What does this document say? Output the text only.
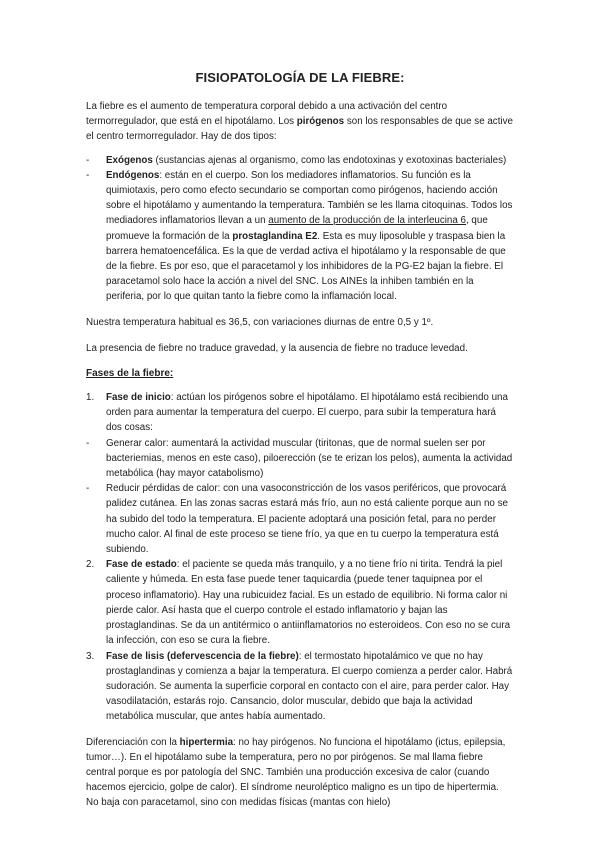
FISIOPATOLOGÍA DE LA FIEBRE:

La fiebre es el aumento de temperatura corporal debido a una activación del centro termorregulador, que está en el hipotálamo. Los pirógenos son los responsables de que se active el centro termorregulador. Hay de dos tipos:

- Exógenos (sustancias ajenas al organismo, como las endotoxinas y exotoxinas bacteriales)
- Endógenos: están en el cuerpo. Son los mediadores inflamatorios. Su función es la quimiotaxis, pero como efecto secundario se comportan como pirógenos, haciendo acción sobre el hipotálamo y aumentando la temperatura. También se les llama citoquinas. Todos los mediadores inflamatorios llevan a un aumento de la producción de la interleucina 6, que promueve la formación de la prostaglandina E2. Esta es muy liposoluble y traspasa bien la barrera hematoencefálica. Es la que de verdad activa el hipotálamo y la responsable de que de la fiebre. Es por eso, que el paracetamol y los inhibidores de la PG-E2 bajan la fiebre. El paracetamol solo hace la acción a nivel del SNC. Los AINEs la inhiben también en la periferia, por lo que quitan tanto la fiebre como la inflamación local.

Nuestra temperatura habitual es 36,5, con variaciones diurnas de entre 0,5 y 1º.

La presencia de fiebre no traduce gravedad, y la ausencia de fiebre no traduce levedad.

Fases de la fiebre:

1. Fase de inicio: actúan los pirógenos sobre el hipotálamo. El hipotálamo está recibiendo una orden para aumentar la temperatura del cuerpo. El cuerpo, para subir la temperatura hará dos cosas:
- Generar calor: aumentará la actividad muscular (tiritonas, que de normal suelen ser por bacteriemias, menos en este caso), piloerección (se te erizan los pelos), aumenta la actividad metabólica (hay mayor catabolismo)
- Reducir pérdidas de calor: con una vasoconstricción de los vasos periféricos, que provocará palidez cutánea. En las zonas sacras estará más frío, aun no está caliente porque aun no se ha subido del todo la temperatura. El paciente adoptará una posición fetal, para no perder mucho calor. Al final de este proceso se tiene frío, ya que en tu cuerpo la temperatura está subiendo.
2. Fase de estado: el paciente se queda más tranquilo, y a no tiene frío ni tirita. Tendrá la piel caliente y húmeda. En esta fase puede tener taquicardia (puede tener taquipnea por el proceso inflamatorio). Hay una rubicuidez facial. Es un estado de equilibrio. Ni forma calor ni pierde calor. Así hasta que el cuerpo controle el estado inflamatorio y bajan las prostaglandinas. Se da un antitérmico o antiinflamatorios no esteroideos. Con eso no se cura la infección, con eso se cura la fiebre.
3. Fase de lisis (defervescencia de la fiebre): el termostato hipotalámico ve que no hay prostaglandinas y comienza a bajar la temperatura. El cuerpo comienza a perder calor. Habrá sudoración. Se aumenta la superficie corporal en contacto con el aire, para perder calor. Hay vasodilatación, estarás rojo. Cansancio, dolor muscular, debido que baja la actividad metabólica muscular, que antes había aumentado.

Diferenciación con la hipertermia: no hay pirógenos. No funciona el hipotálamo (ictus, epilepsia, tumor…). En el hipotálamo sube la temperatura, pero no por pirógenos. Se mal llama fiebre central porque es por patología del SNC. También una producción excesiva de calor (cuando hacemos ejercicio, golpe de calor). El síndrome neuroléptico maligno es un tipo de hipertermia. No baja con paracetamol, sino con medidas físicas (mantas con hielo)
